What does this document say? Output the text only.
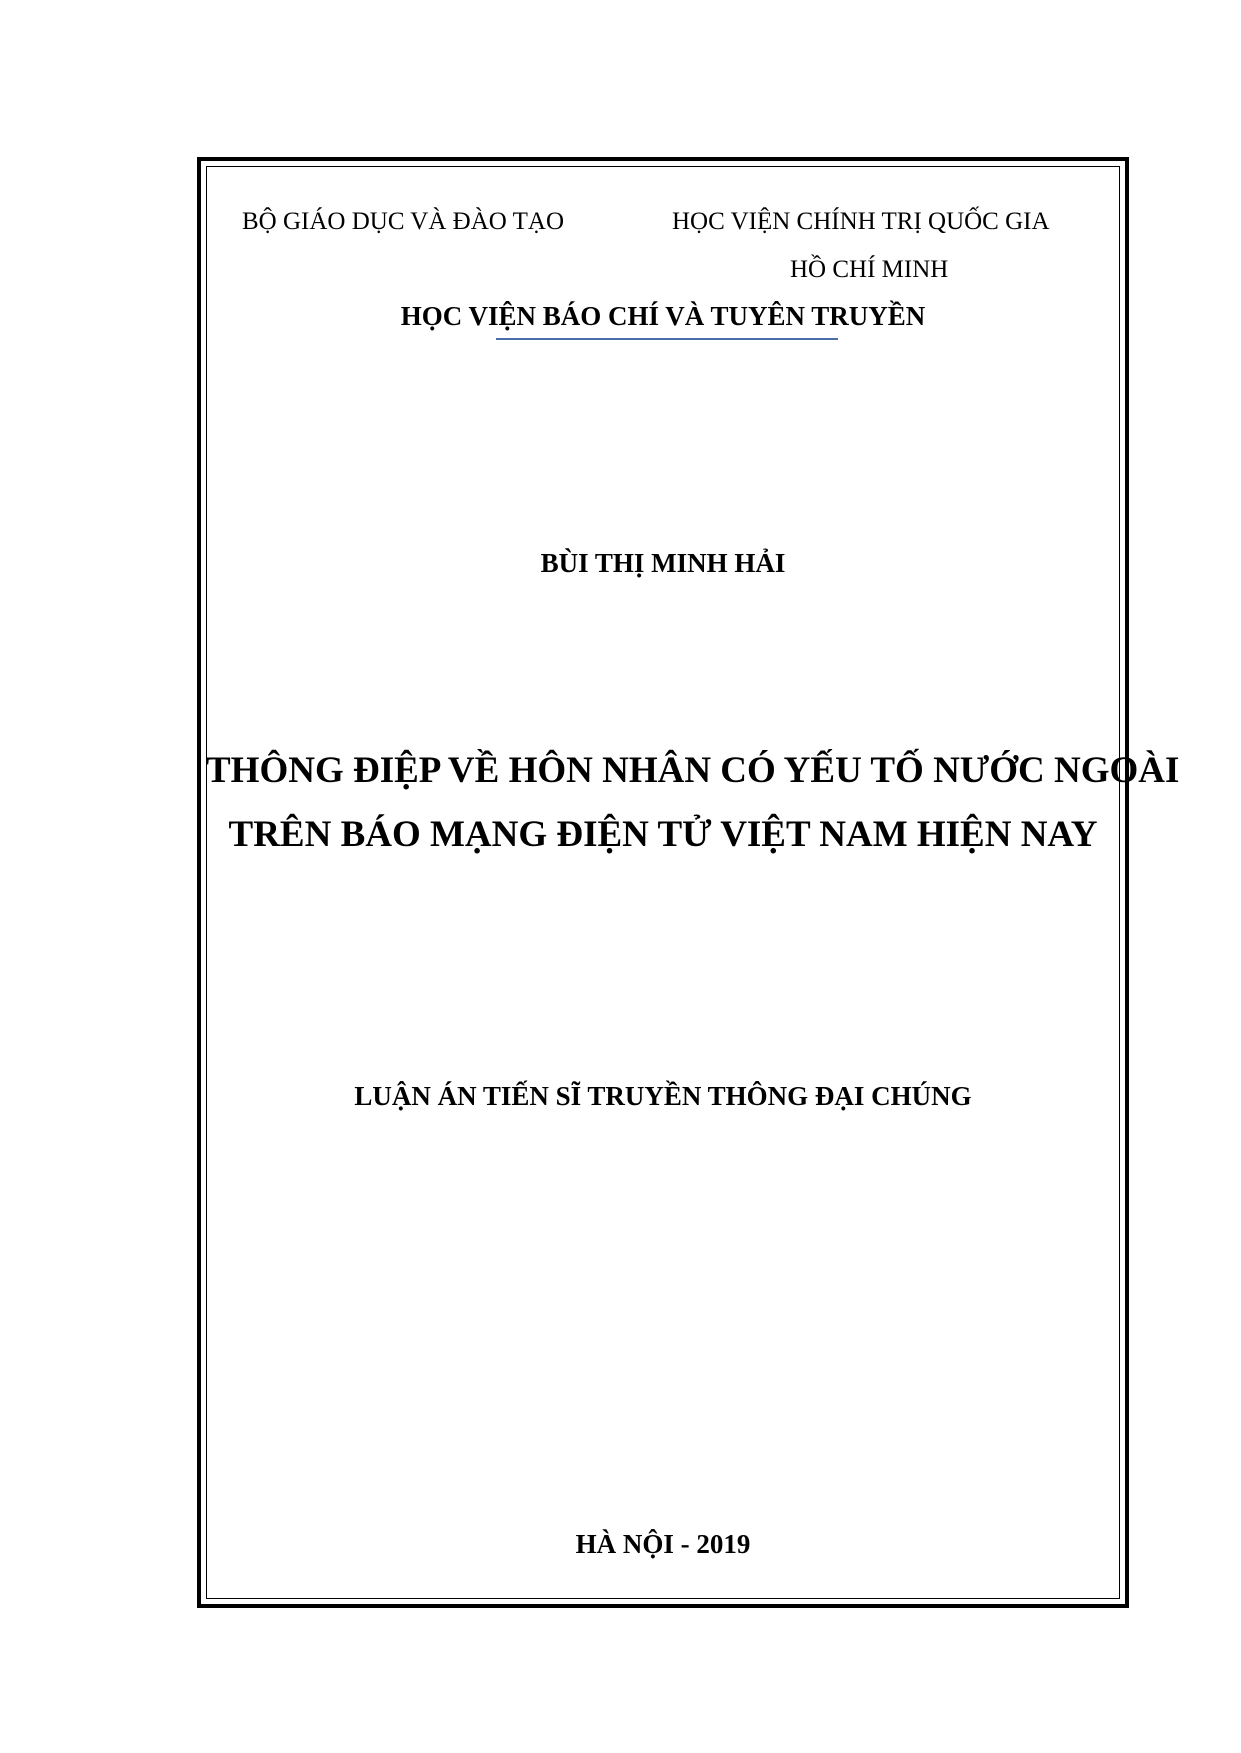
BỘ GIÁO DỤC VÀ ĐÀO TẠO	HỌC VIỆN CHÍNH TRỊ QUỐC GIA
HỒ CHÍ MINH
HỌC VIỆN BÁO CHÍ VÀ TUYÊN TRUYỀN
BÙI THỊ MINH HẢI
THÔNG ĐIỆP VỀ HÔN NHÂN CÓ YẾU TỐ NƯỚC NGOÀI
TRÊN BÁO MẠNG ĐIỆN TỬ VIỆT NAM HIỆN NAY
LUẬN ÁN TIẾN SĨ TRUYỀN THÔNG ĐẠI CHÚNG
HÀ NỘI - 2019
